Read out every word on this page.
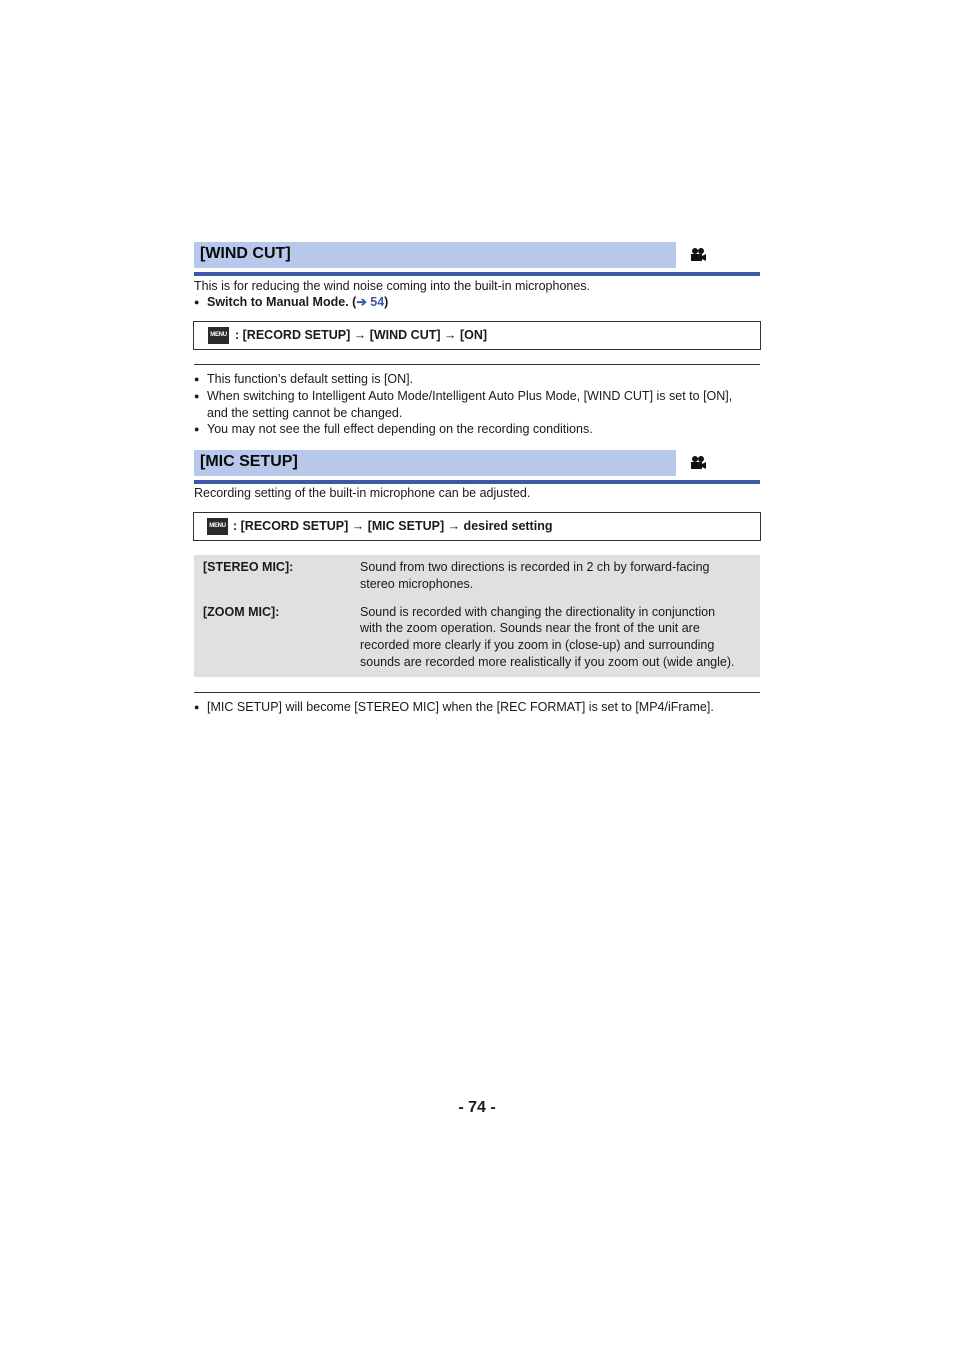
[WIND CUT]
This is for reducing the wind noise coming into the built-in microphones.
● Switch to Manual Mode. (➔ 54)
MENU : [RECORD SETUP] → [WIND CUT] → [ON]
● This function’s default setting is [ON].
● When switching to Intelligent Auto Mode/Intelligent Auto Plus Mode, [WIND CUT] is set to [ON],
and the setting cannot be changed.
● You may not see the full effect depending on the recording conditions.
[MIC SETUP]
Recording setting of the built-in microphone can be adjusted.
MENU : [RECORD SETUP] → [MIC SETUP] → desired setting
[STEREO MIC]:	Sound from two directions is recorded in 2 ch by forward-facing
stereo microphones.
[ZOOM MIC]:	Sound is recorded with changing the directionality in conjunction
with the zoom operation. Sounds near the front of the unit are
recorded more clearly if you zoom in (close-up) and surrounding
sounds are recorded more realistically if you zoom out (wide angle).
● [MIC SETUP] will become [STEREO MIC] when the [REC FORMAT] is set to [MP4/iFrame].
- 74 -
